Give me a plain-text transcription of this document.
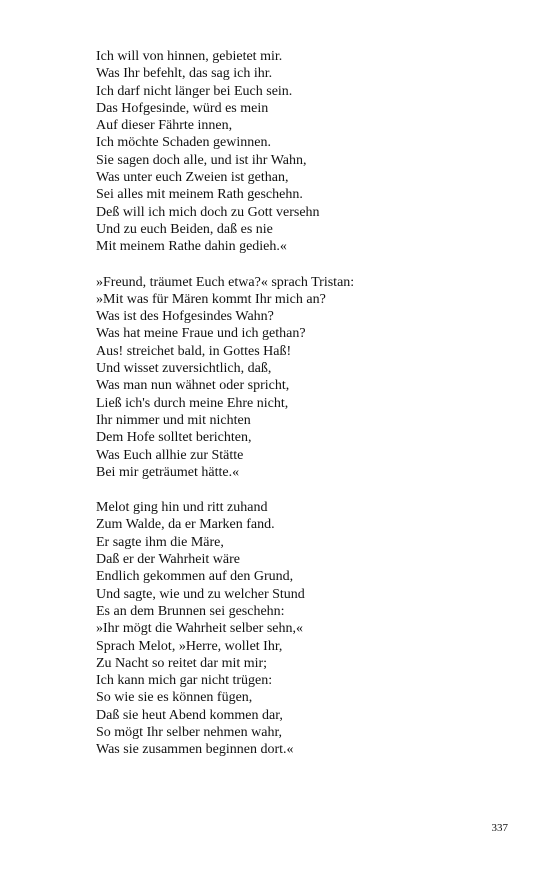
Ich will von hinnen, gebietet mir.
Was Ihr befehlt, das sag ich ihr.
Ich darf nicht länger bei Euch sein.
Das Hofgesinde, würd es mein
Auf dieser Fährte innen,
Ich möchte Schaden gewinnen.
Sie sagen doch alle, und ist ihr Wahn,
Was unter euch Zweien ist gethan,
Sei alles mit meinem Rath geschehn.
Deß will ich mich doch zu Gott versehn
Und zu euch Beiden, daß es nie
Mit meinem Rathe dahin gedieh.«
»Freund, träumet Euch etwa?« sprach Tristan:
»Mit was für Mären kommt Ihr mich an?
Was ist des Hofgesindes Wahn?
Was hat meine Fraue und ich gethan?
Aus! streichet bald, in Gottes Haß!
Und wisset zuversichtlich, daß,
Was man nun wähnet oder spricht,
Ließ ich's durch meine Ehre nicht,
Ihr nimmer und mit nichten
Dem Hofe solltet berichten,
Was Euch allhie zur Stätte
Bei mir geträumet hätte.«
Melot ging hin und ritt zuhand
Zum Walde, da er Marken fand.
Er sagte ihm die Märe,
Daß er der Wahrheit wäre
Endlich gekommen auf den Grund,
Und sagte, wie und zu welcher Stund
Es an dem Brunnen sei geschehn:
»Ihr mögt die Wahrheit selber sehn,«
Sprach Melot, »Herre, wollet Ihr,
Zu Nacht so reitet dar mit mir;
Ich kann mich gar nicht trügen:
So wie sie es können fügen,
Daß sie heut Abend kommen dar,
So mögt Ihr selber nehmen wahr,
Was sie zusammen beginnen dort.«
337
